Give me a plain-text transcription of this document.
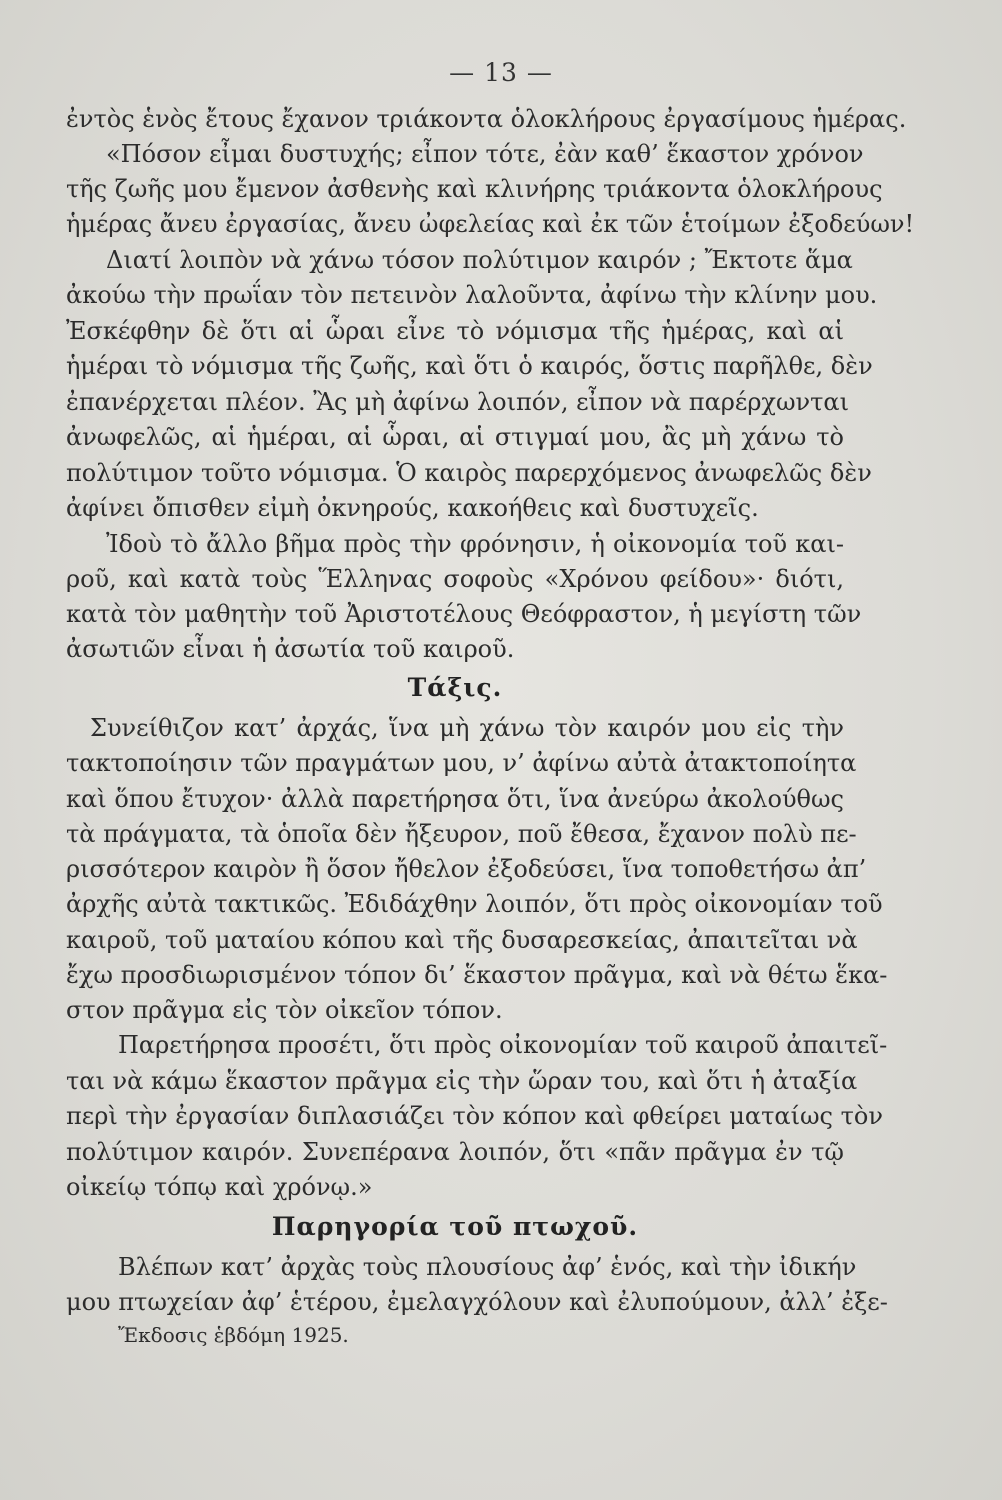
— 13 —
ἐντὸς ἑνὸς ἔτους ἔχανον τριάκοντα ὁλοκλήρους ἐργασίμους ἡμέρας.
«Πόσον εἶμαι δυστυχής; εἶπον τότε, ἐὰν καθ’ ἕκαστον χρόνον
τῆς ζωῆς μου ἔμενον ἀσθενὴς καὶ κλινήρης τριάκοντα ὁλοκλήρους
ἡμέρας ἄνευ ἐργασίας, ἄνευ ὠφελείας καὶ ἐκ τῶν ἑτοίμων ἐξοδεύων!
Διατί λοιπὸν νὰ χάνω τόσον πολύτιμον καιρόν ; Ἔκτοτε ἅμα
ἀκούω τὴν πρωΐαν τὸν πετεινὸν λαλοῦντα, ἀφίνω τὴν κλίνην μου.
Ἐσκέφθην δὲ ὅτι αἱ ὧραι εἶνε τὸ νόμισμα τῆς ἡμέρας, καὶ αἱ
ἡμέραι τὸ νόμισμα τῆς ζωῆς, καὶ ὅτι ὁ καιρός, ὅστις παρῆλθε, δὲν
ἐπανέρχεται πλέον. Ἂς μὴ ἀφίνω λοιπόν, εἶπον νὰ παρέρχωνται
ἀνωφελῶς, αἱ ἡμέραι, αἱ ὧραι, αἱ στιγμαί μου, ἂς μὴ χάνω τὸ
πολύτιμον τοῦτο νόμισμα. Ὁ καιρὸς παρερχόμενος ἀνωφελῶς δὲν
ἀφίνει ὄπισθεν εἰμὴ ὀκνηρούς, κακοήθεις καὶ δυστυχεῖς.
Ἰδοὺ τὸ ἄλλο βῆμα πρὸς τὴν φρόνησιν, ἡ οἰκονομία τοῦ και-
ροῦ, καὶ κατὰ τοὺς Ἕλληνας σοφοὺς «Χρόνου φείδου»· διότι,
κατὰ τὸν μαθητὴν τοῦ Ἀριστοτέλους Θεόφραστον, ἡ μεγίστη τῶν
ἀσωτιῶν εἶναι ἡ ἀσωτία τοῦ καιροῦ.
Τάξις.
Συνείθιζον κατ’ ἀρχάς, ἵνα μὴ χάνω τὸν καιρόν μου εἰς τὴν
τακτοποίησιν τῶν πραγμάτων μου, ν’ ἀφίνω αὐτὰ ἀτακτοποίητα
καὶ ὅπου ἔτυχον· ἀλλὰ παρετήρησα ὅτι, ἵνα ἀνεύρω ἀκολούθως
τὰ πράγματα, τὰ ὁποῖα δὲν ἤξευρον, ποῦ ἔθεσα, ἔχανον πολὺ πε-
ρισσότερον καιρὸν ἢ ὅσον ἤθελον ἐξοδεύσει, ἵνα τοποθετήσω ἀπ’
ἀρχῆς αὐτὰ τακτικῶς. Ἐδιδάχθην λοιπόν, ὅτι πρὸς οἰκονομίαν τοῦ
καιροῦ, τοῦ ματαίου κόπου καὶ τῆς δυσαρεσκείας, ἀπαιτεῖται νὰ
ἔχω προσδιωρισμένον τόπον δι’ ἕκαστον πρᾶγμα, καὶ νὰ θέτω ἕκα-
στον πρᾶγμα εἰς τὸν οἰκεῖον τόπον.
Παρετήρησα προσέτι, ὅτι πρὸς οἰκονομίαν τοῦ καιροῦ ἀπαιτεῖ-
ται νὰ κάμω ἕκαστον πρᾶγμα εἰς τὴν ὥραν του, καὶ ὅτι ἡ ἀταξία
περὶ τὴν ἐργασίαν διπλασιάζει τὸν κόπον καὶ φθείρει ματαίως τὸν
πολύτιμον καιρόν. Συνεπέρανα λοιπόν, ὅτι «πᾶν πρᾶγμα ἐν τῷ
οἰκείῳ τόπῳ καὶ χρόνῳ.»
Παρηγορία τοῦ πτωχοῦ.
Βλέπων κατ’ ἀρχὰς τοὺς πλουσίους ἀφ’ ἑνός, καὶ τὴν ἰδικήν
μου πτωχείαν ἀφ’ ἑτέρου, ἐμελαγχόλουν καὶ ἐλυπούμουν, ἀλλ’ ἐξε-
Ἔκδοσις ἑβδόμη 1925.
